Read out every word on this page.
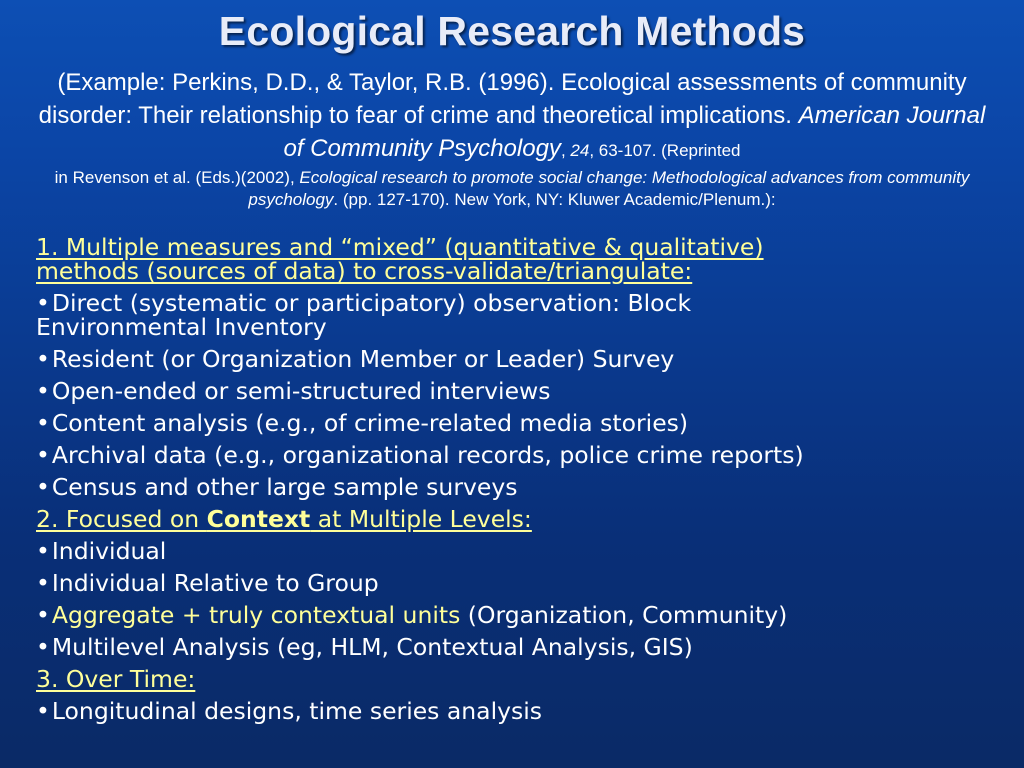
Ecological Research Methods
(Example: Perkins, D.D., & Taylor, R.B. (1996). Ecological assessments of community disorder: Their relationship to fear of crime and theoretical implications. American Journal of Community Psychology, 24, 63-107. (Reprinted
in Revenson et al. (Eds.)(2002), Ecological research to promote social change: Methodological advances from community psychology. (pp. 127-170). New York, NY: Kluwer Academic/Plenum.):

1. Multiple measures and “mixed” (quantitative & qualitative)

methods (sources of data) to cross-validate/triangulate:

•Direct (systematic or participatory) observation: Block

Environmental Inventory

•Resident (or Organization Member or Leader) Survey

•Open-ended or semi-structured interviews

•Content analysis (e.g., of crime-related media stories)

•Archival data (e.g., organizational records, police crime reports)

•Census and other large sample surveys

2. Focused on Context at Multiple Levels:

•Individual

•Individual Relative to Group

•Aggregate + truly contextual units (Organization, Community)

•Multilevel Analysis (eg, HLM, Contextual Analysis, GIS)

3. Over Time:

•Longitudinal designs, time series analysis
